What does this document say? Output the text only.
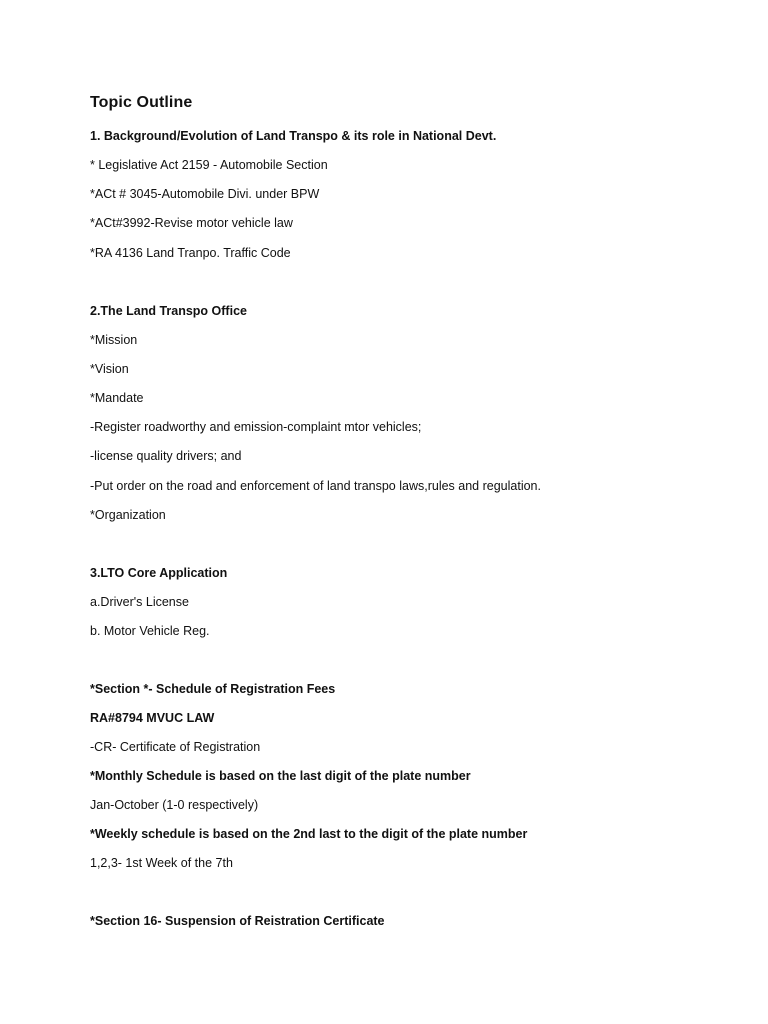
Topic Outline
1. Background/Evolution of Land Transpo & its role in National Devt.
* Legislative Act 2159 - Automobile Section
*ACt # 3045-Automobile Divi. under BPW
*ACt#3992-Revise motor vehicle law
*RA 4136 Land Tranpo. Traffic Code
2.The Land Transpo Office
*Mission
*Vision
*Mandate
-Register roadworthy and emission-complaint mtor vehicles;
-license quality drivers; and
-Put order on the road and enforcement of land transpo laws,rules and regulation.
*Organization
3.LTO Core Application
a.Driver's License
b. Motor Vehicle Reg.
*Section *- Schedule of Registration Fees
RA#8794 MVUC LAW
-CR- Certificate of Registration
*Monthly Schedule is based on the last digit of the plate number
Jan-October (1-0 respectively)
*Weekly schedule is based on the 2nd last to the digit of the plate number
1,2,3- 1st Week of the 7th
*Section 16- Suspension of Reistration Certificate
